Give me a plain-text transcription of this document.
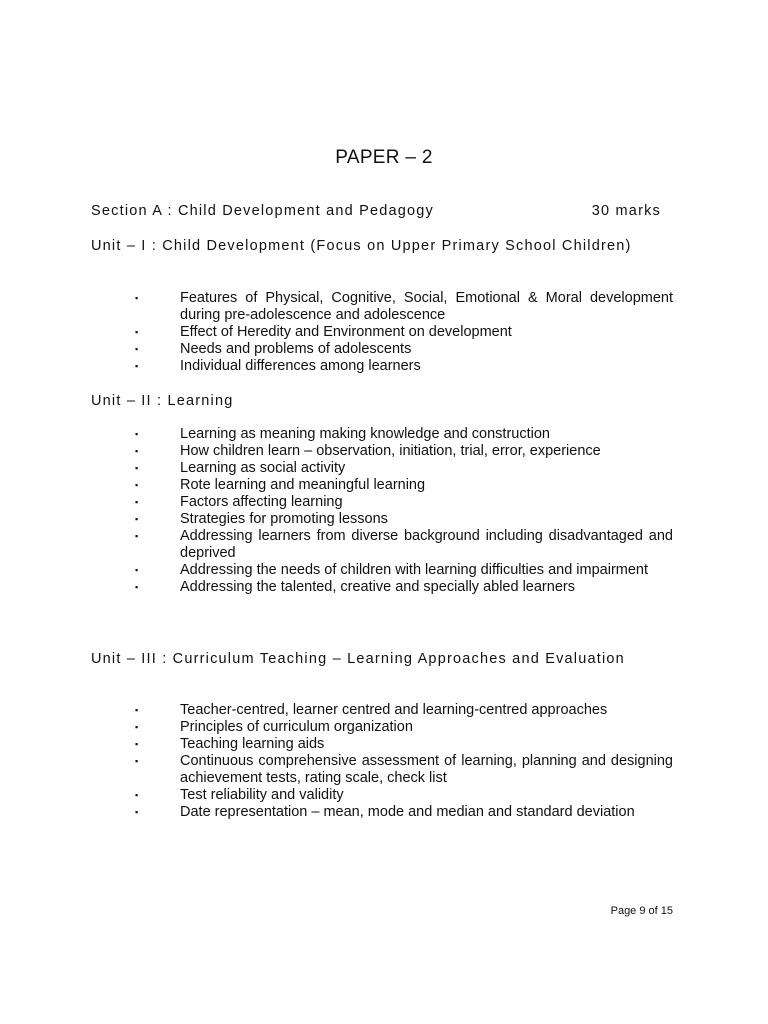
PAPER – 2
Section A : Child Development and Pedagogy	30 marks
Unit – I : Child Development (Focus on Upper Primary School Children)
▪	Features of Physical, Cognitive, Social, Emotional & Moral development during pre-adolescence and adolescence
▪	Effect of Heredity and Environment on development
▪	Needs and problems of adolescents
▪	Individual differences among learners
Unit – II : Learning
▪	Learning as meaning making knowledge and construction
▪	How children learn – observation, initiation, trial, error, experience
▪	Learning as social activity
▪	Rote learning and meaningful learning
▪	Factors affecting learning
▪	Strategies for promoting lessons
▪	Addressing learners from diverse background including disadvantaged and deprived
▪	Addressing the needs of children with learning difficulties and impairment
▪	Addressing the talented, creative and specially abled learners
Unit – III : Curriculum Teaching – Learning Approaches and Evaluation
▪	Teacher-centred, learner centred and learning-centred approaches
▪	Principles of curriculum organization
▪	Teaching learning aids
▪	Continuous comprehensive assessment of learning, planning and designing achievement tests, rating scale, check list
▪	Test reliability and validity
▪	Date representation – mean, mode and median and standard deviation
Page 9 of 15
